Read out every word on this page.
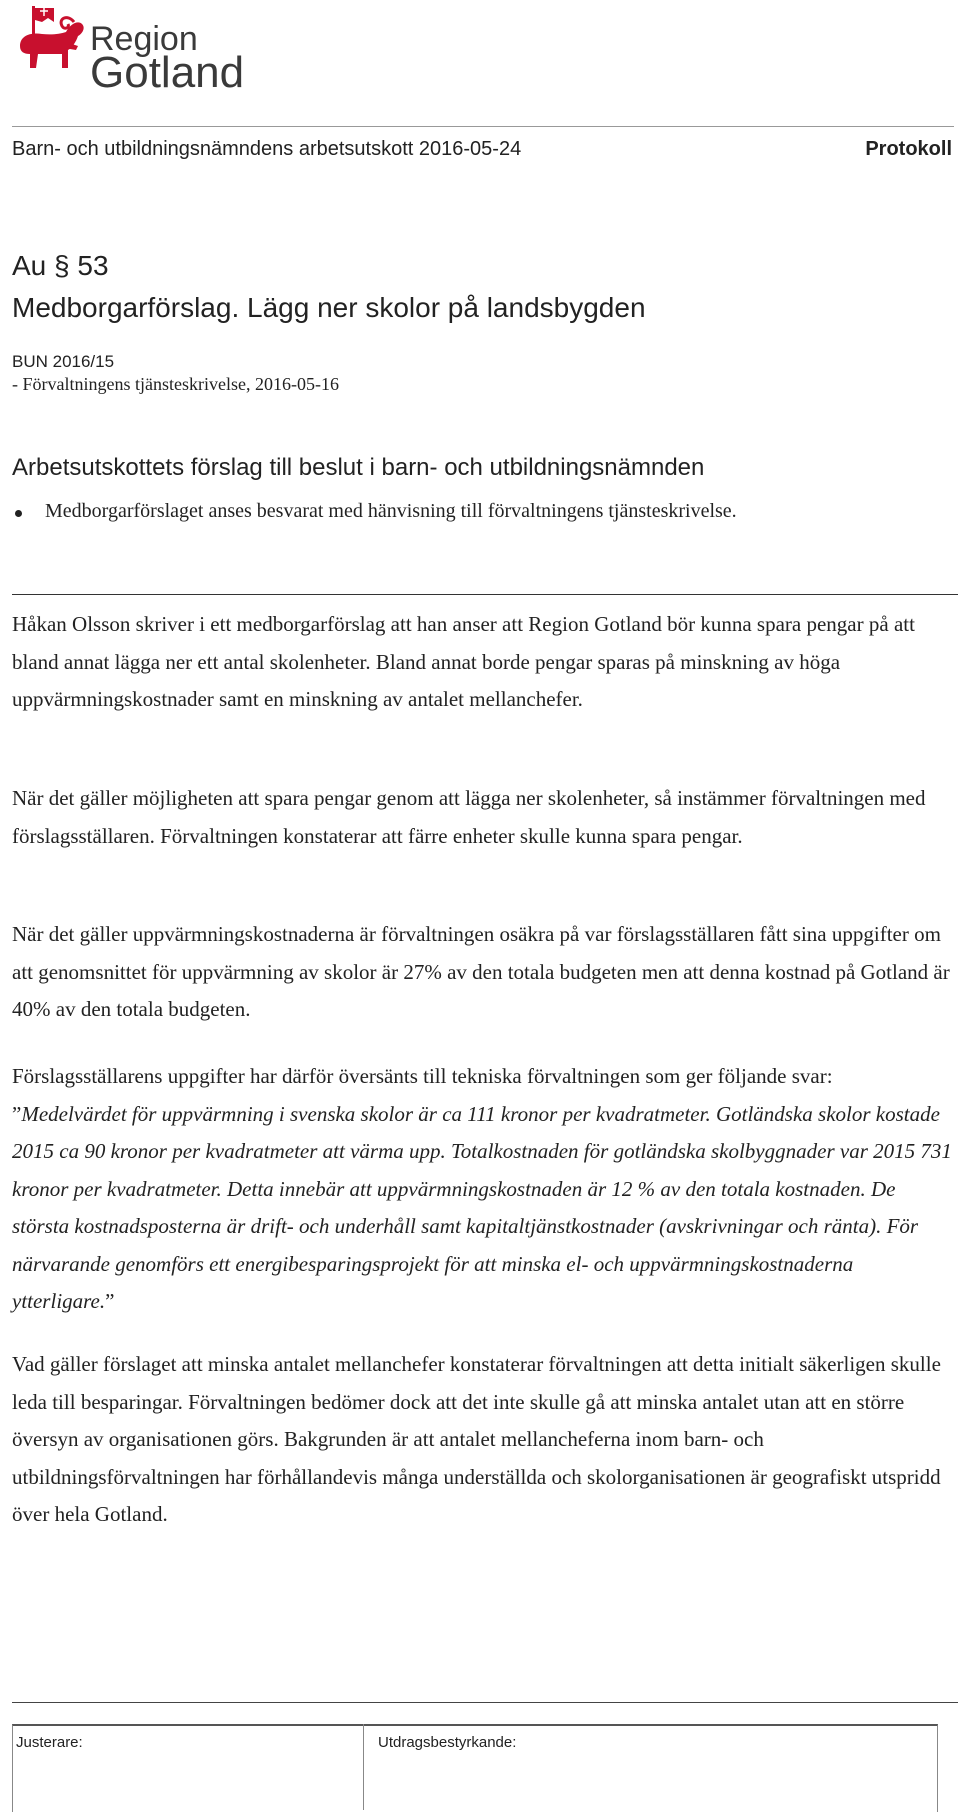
Region
Gotland
Barn- och utbildningsnämndens arbetsutskott 2016-05-24	Protokoll
Au § 53
Medborgarförslag. Lägg ner skolor på landsbygden
BUN 2016/15
- Förvaltningens tjänsteskrivelse, 2016-05-16
Arbetsutskottets förslag till beslut i barn- och utbildningsnämnden
Medborgarförslaget anses besvarat med hänvisning till förvaltningens tjänsteskrivelse.

Håkan Olsson skriver i ett medborgarförslag att han anser att Region Gotland bör kunna spara pengar på att bland annat lägga ner ett antal skolenheter. Bland annat borde pengar sparas på minskning av höga uppvärmningskostnader samt en minskning av antalet mellanchefer.

När det gäller möjligheten att spara pengar genom att lägga ner skolenheter, så instämmer förvaltningen med förslagsställaren. Förvaltningen konstaterar att färre enheter skulle kunna spara pengar.

När det gäller uppvärmningskostnaderna är förvaltningen osäkra på var förslagsställaren fått sina uppgifter om att genomsnittet för uppvärmning av skolor är 27% av den totala budgeten men att denna kostnad på Gotland är 40% av den totala budgeten.

Förslagsställarens uppgifter har därför översänts till tekniska förvaltningen som ger följande svar: ”Medelvärdet för uppvärmning i svenska skolor är ca 111 kronor per kvadratmeter. Gotländska skolor kostade 2015 ca 90 kronor per kvadratmeter att värma upp. Totalkostnaden för gotländska skolbyggnader var 2015 731 kronor per kvadratmeter. Detta innebär att uppvärmningskostnaden är 12 % av den totala kostnaden. De största kostnadsposterna är drift- och underhåll samt kapitaltjänstkostnader (avskrivningar och ränta). För närvarande genomförs ett energibesparingsprojekt för att minska el- och uppvärmningskostnaderna ytterligare.”

Vad gäller förslaget att minska antalet mellanchefer konstaterar förvaltningen att detta initialt säkerligen skulle leda till besparingar. Förvaltningen bedömer dock att det inte skulle gå att minska antalet utan att en större översyn av organisationen görs. Bakgrunden är att antalet mellancheferna inom barn- och utbildningsförvaltningen har förhållandevis många underställda och skolorganisationen är geografiskt utspridd över hela Gotland.

Justerare:	Utdragsbestyrkande:
